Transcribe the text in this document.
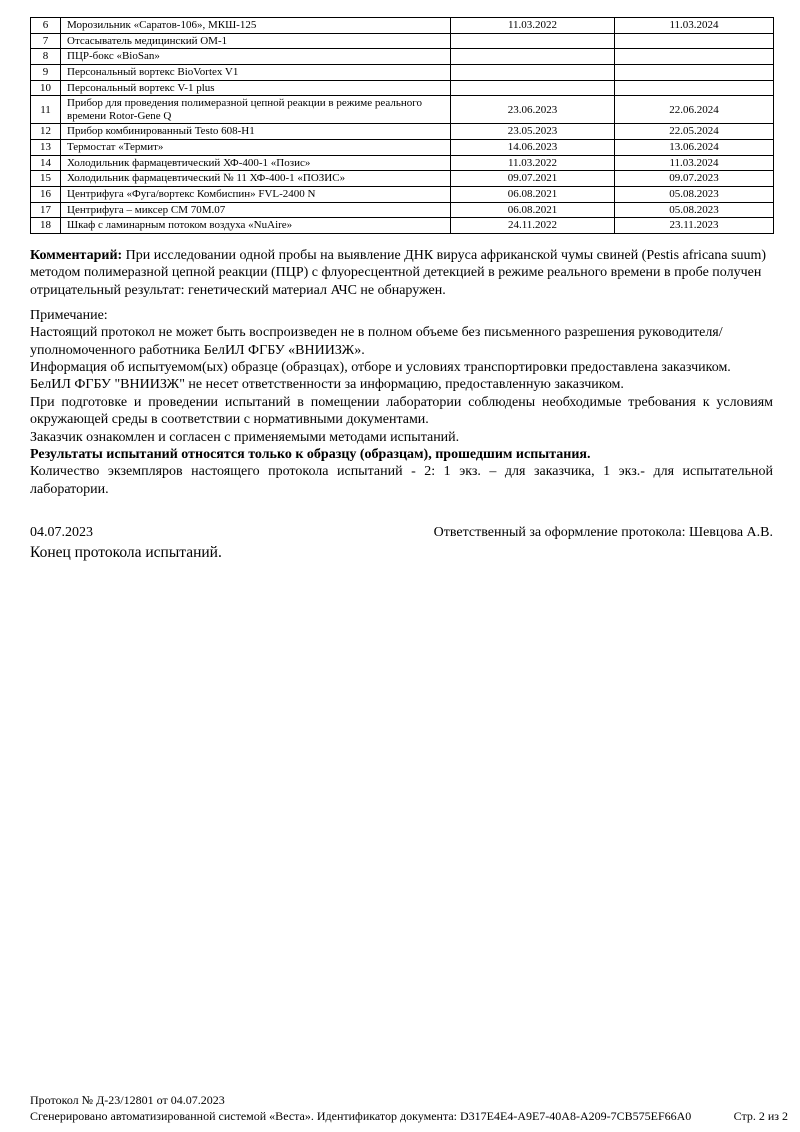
6	Морозильник «Саратов-106», МКШ-125	11.03.2022	11.03.2024
7	Отсасыватель медицинский ОМ-1		
8	ПЦР-бокс «BioSan»		
9	Персональный вортекс BioVortex V1		
10	Персональный вортекс V-1 plus		
11	Прибор для проведения полимеразной цепной реакции в режиме реального времени Rotor-Gene Q	23.06.2023	22.06.2024
12	Прибор комбинированный Testo 608-H1	23.05.2023	22.05.2024
13	Термостат «Термит»	14.06.2023	13.06.2024
14	Холодильник фармацевтический ХФ-400-1 «Позис»	11.03.2022	11.03.2024
15	Холодильник фармацевтический № 11 ХФ-400-1 «ПОЗИС»	09.07.2021	09.07.2023
16	Центрифуга «Фуга/вортекс Комбиспин» FVL-2400 N	06.08.2021	05.08.2023
17	Центрифуга – миксер СМ 70М.07	06.08.2021	05.08.2023
18	Шкаф с ламинарным потоком воздуха «NuAire»	24.11.2022	23.11.2023

Комментарий: При исследовании одной пробы на выявление ДНК вируса африканской чумы свиней (Pestis africana suum) методом полимеразной цепной реакции (ПЦР) с флуоресцентной детекцией в режиме реального времени в пробе получен отрицательный результат: генетический материал АЧС не обнаружен.

Примечание:

Настоящий протокол не может быть воспроизведен не в полном объеме без письменного разрешения руководителя/уполномоченного работника БелИЛ ФГБУ «ВНИИЗЖ».

Информация об испытуемом(ых) образце (образцах), отборе и условиях транспортировки предоставлена заказчиком.

БелИЛ ФГБУ "ВНИИЗЖ" не несет ответственности за информацию, предоставленную заказчиком.

При подготовке и проведении испытаний в помещении лаборатории соблюдены необходимые требования к условиям окружающей среды в соответствии с нормативными документами.

Заказчик ознакомлен и согласен с применяемыми методами испытаний.

Результаты испытаний относятся только к образцу (образцам), прошедшим испытания.

Количество экземпляров настоящего протокола испытаний - 2: 1 экз. – для заказчика, 1 экз.- для испытательной лаборатории.

04.07.2023	Ответственный за оформление протокола: Шевцова А.В.
Конец протокола испытаний.
Протокол № Д-23/12801 от 04.07.2023
Сгенерировано автоматизированной системой «Веста». Идентификатор документа: D317E4E4-A9E7-40A8-A209-7CB575EF66A0	Стр. 2 из 2
